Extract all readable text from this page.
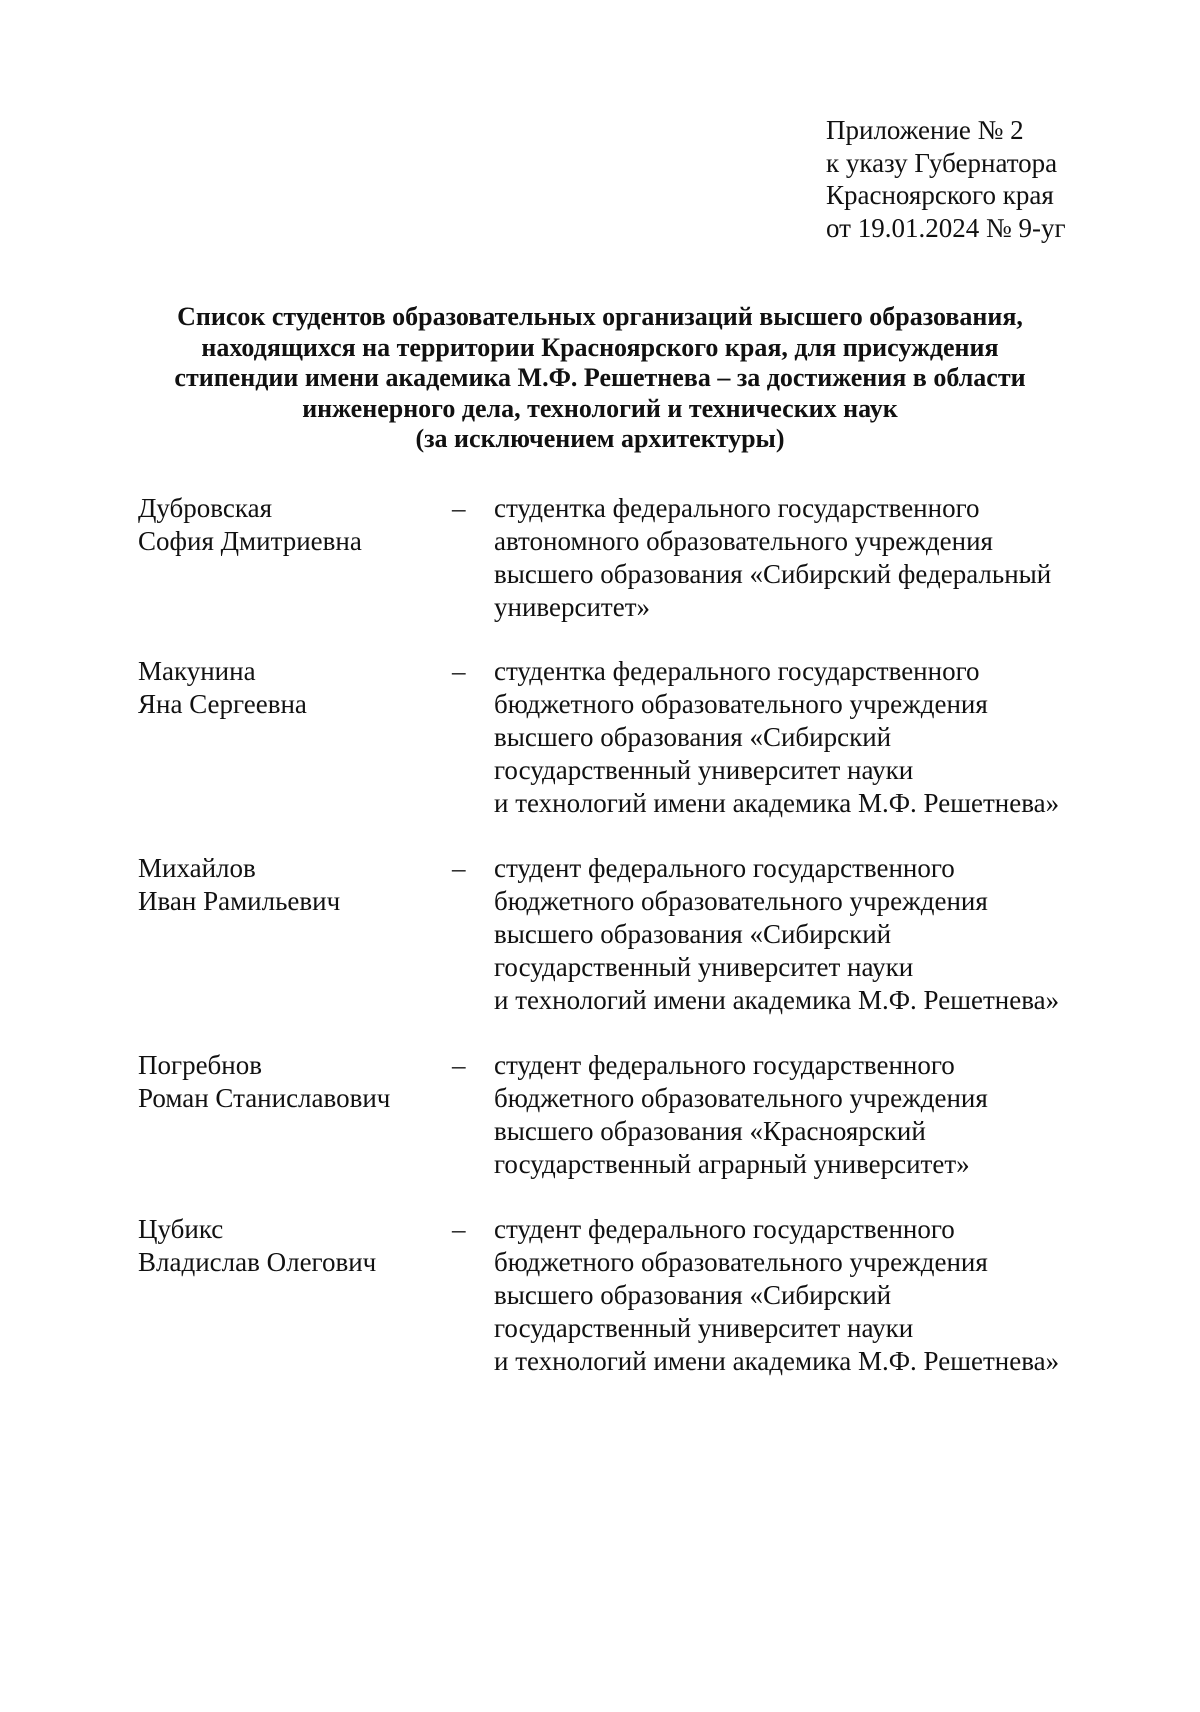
Приложение № 2
к указу Губернатора
Красноярского края
от 19.01.2024 № 9-уг
Список студентов образовательных организаций высшего образования,
находящихся на территории Красноярского края, для присуждения
стипендии имени академика М.Ф. Решетнева – за достижения в области
инженерного дела, технологий и технических наук
(за исключением архитектуры)
Дубровская
София Дмитриевна
– студентка федерального государственного
автономного образовательного учреждения
высшего образования «Сибирский федеральный
университет»
Макунина
Яна Сергеевна
– студентка федерального государственного
бюджетного образовательного учреждения
высшего образования «Сибирский
государственный университет науки
и технологий имени академика М.Ф. Решетнева»
Михайлов
Иван Рамильевич
– студент федерального государственного
бюджетного образовательного учреждения
высшего образования «Сибирский
государственный университет науки
и технологий имени академика М.Ф. Решетнева»
Погребнов
Роман Станиславович
– студент федерального государственного
бюджетного образовательного учреждения
высшего образования «Красноярский
государственный аграрный университет»
Цубикс
Владислав Олегович
– студент федерального государственного
бюджетного образовательного учреждения
высшего образования «Сибирский
государственный университет науки
и технологий имени академика М.Ф. Решетнева»
